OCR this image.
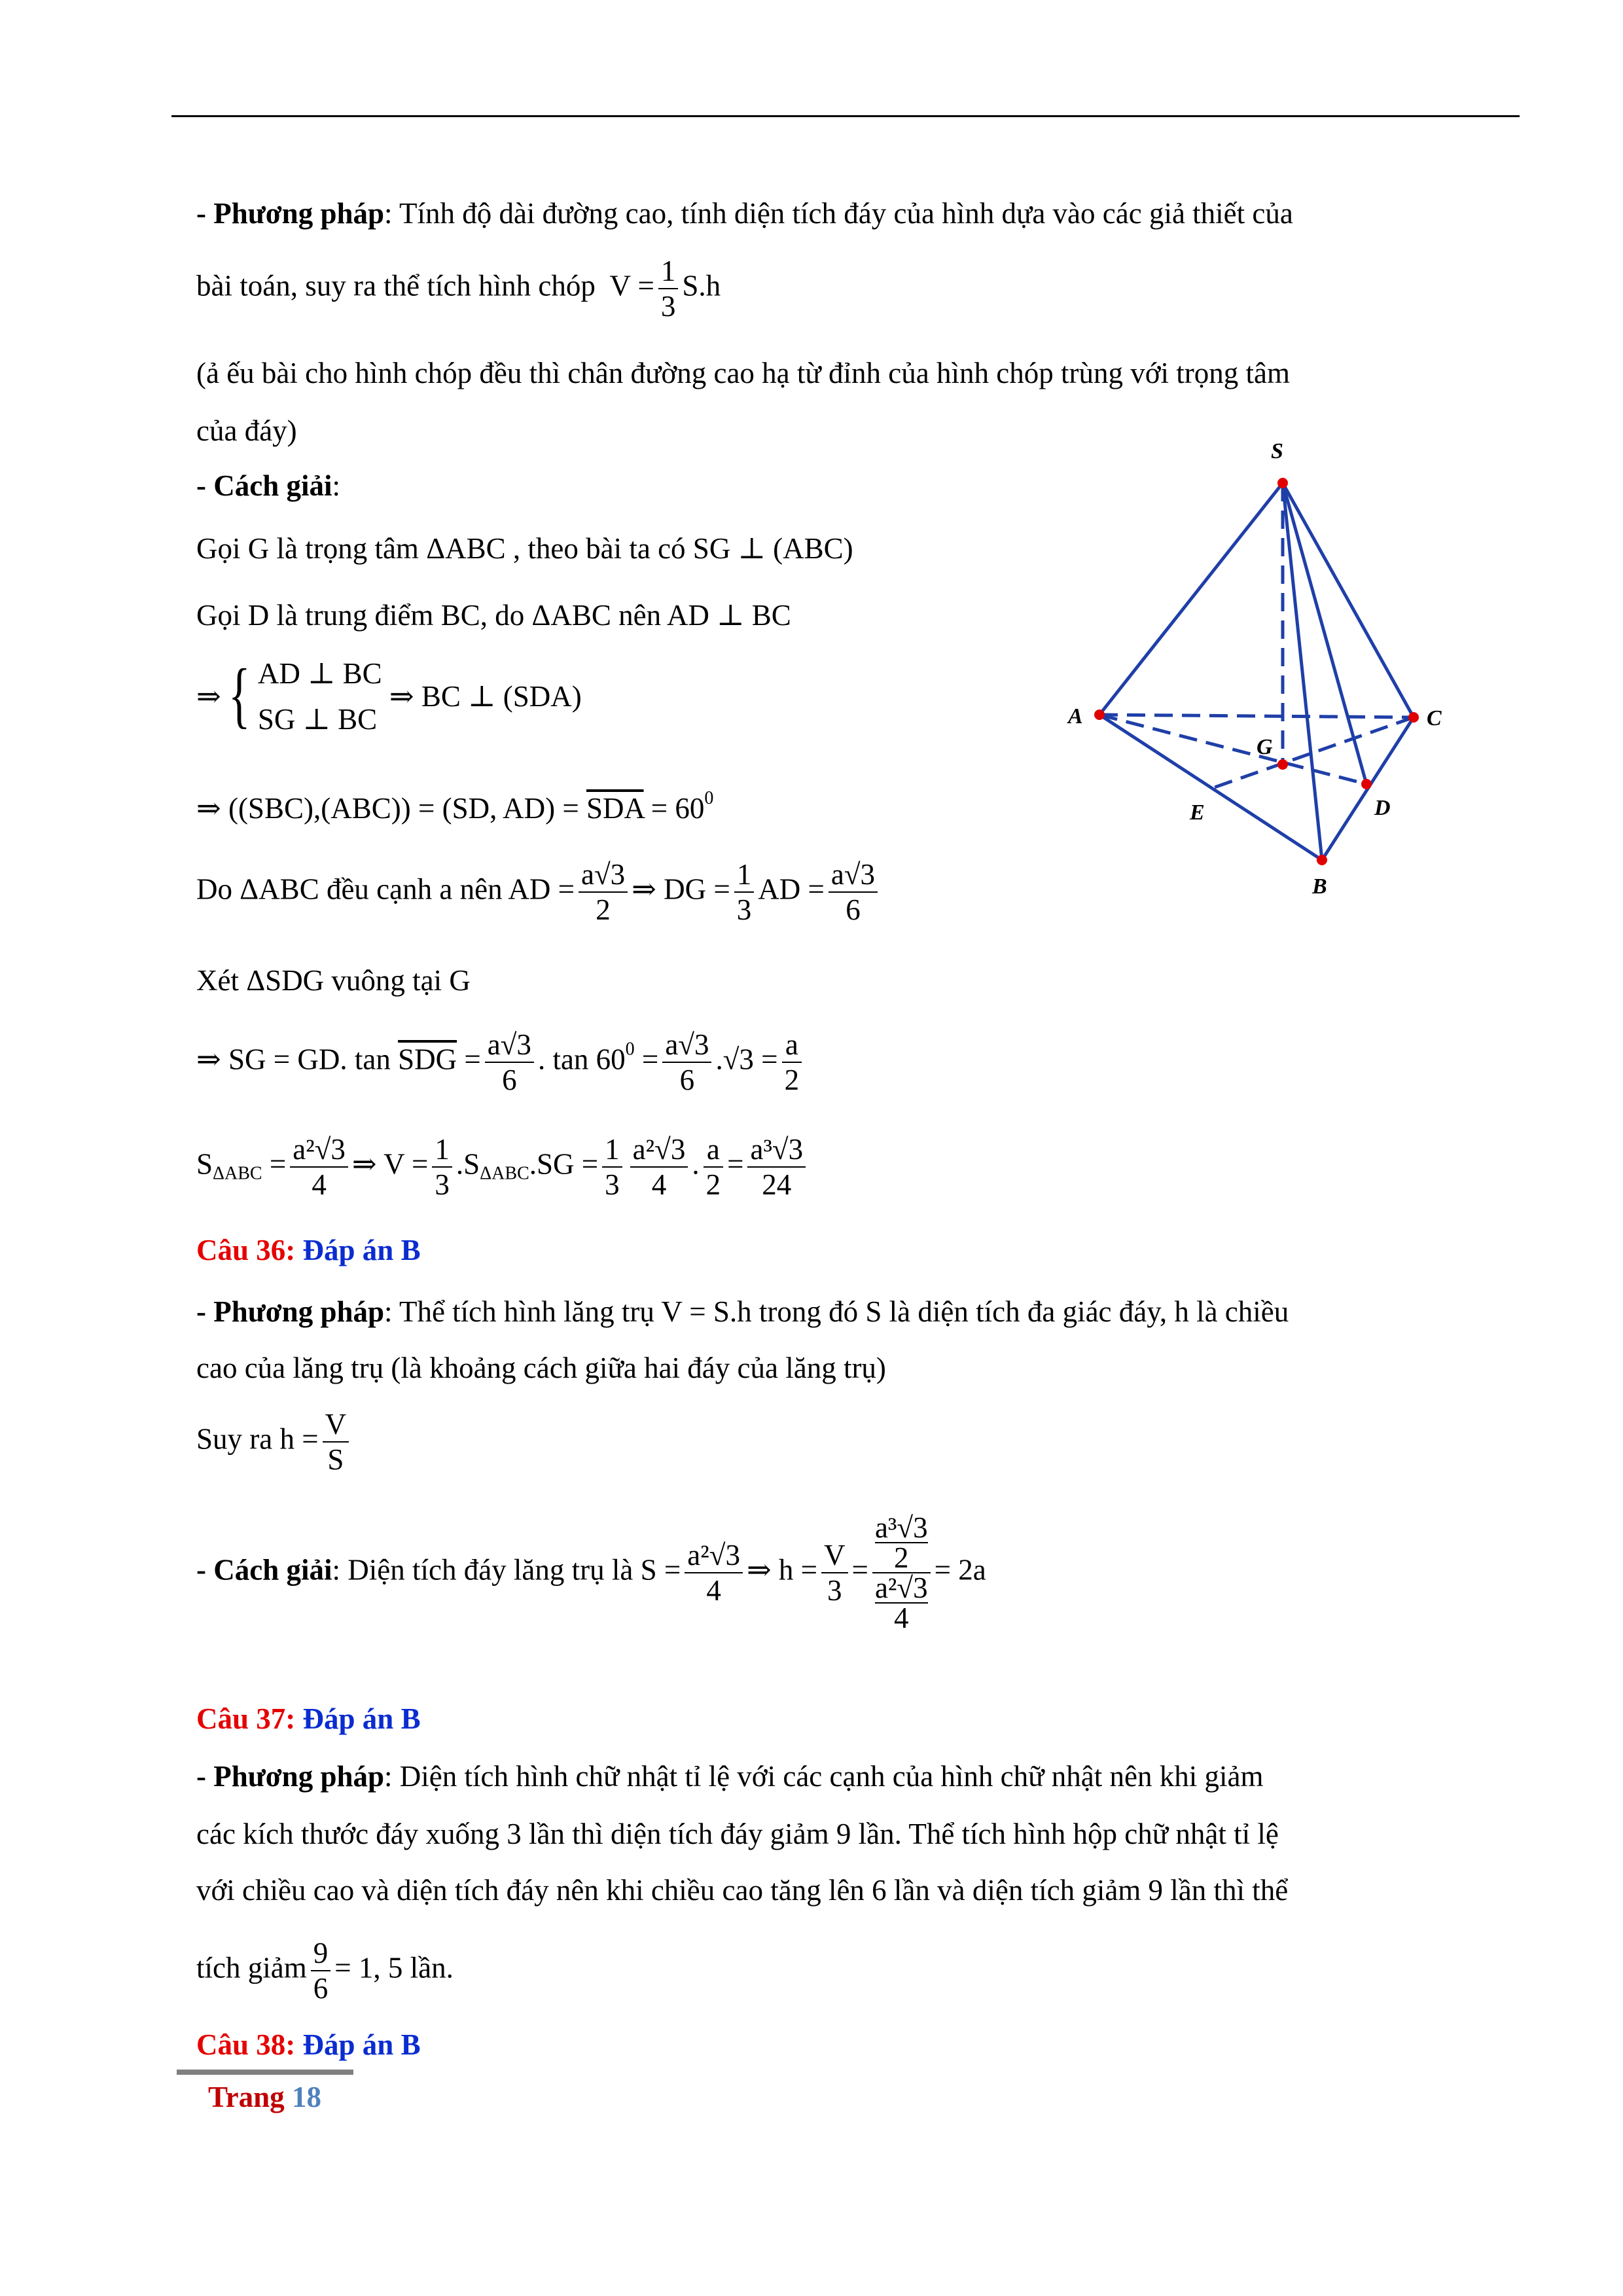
- Phương pháp: Tính độ dài đường cao, tính diện tích đáy của hình dựa vào các giả thiết của
bài toán, suy ra thể tích hình chóp $V = \frac{1}{3} S.h$
(ả ếu bài cho hình chóp đều thì chân đường cao hạ từ đỉnh của hình chóp trùng với trọng tâm
của đáy)
- Cách giải:
Gọi G là trọng tâm ΔABC , theo bài ta có SG ⊥ (ABC)
Gọi D là trung điểm BC, do ΔABC nên AD ⊥ BC
⇒ { AD ⊥ BC
SG ⊥ BC
⇒ BC ⊥ (SDA)
⇒ ((SBC),(ABC)) = (SD, $AD) = \overline{SDA} = 60^0$
Do ΔABC đều cạnh a nên AD = $\frac{a√3}{2}$ ⇒ DG = $\frac{1}{3}$ AD = $\frac{a√3}{6}$
Xét ΔSDG vuông tại G
⇒ SG = GD. $\tan \overline{SDG} = \frac{a√3}{6}$ . $\tan 60^0 = \frac{a√3}{6} .√3 = \frac{a}{2}$
$S_{\Delta ABC} = \frac{\text{a²√3}}{4}$ ⇒ $V = \frac{1}{3} .S_{\Delta ABC}.SG = \frac{1}{3} \frac{\text{a²√3}}{4}$ . $\frac{a}{2} = \frac{\text{a³√3}}{24}$
S
A	C
G
E	D
B
Câu 36: Đáp án B
- Phương pháp: Thể tích hình lăng trụ V = S.h trong đó S là diện tích đa giác đáy, h là chiều
cao của lăng trụ (là khoảng cách giữa hai đáy của lăng trụ)
Suy ra $h = \frac{V}{S}$
- Cách giải: Diện tích đáy lăng trụ là $S = \frac{\text{a²√3}}{4}$ ⇒ $h = \frac{V}{3} = a^3√3$
2
a²√3
4 = 2a
Câu 37: Đáp án B
- Phương pháp: Diện tích hình chữ nhật tỉ lệ với các cạnh của hình chữ nhật nên khi giảm
các kích thước đáy xuống 3 lần thì diện tích đáy giảm 9 lần. Thể tích hình hộp chữ nhật tỉ lệ
với chiều cao và diện tích đáy nên khi chiều cao tăng lên 6 lần và diện tích giảm 9 lần thì thể
tích giảm $\frac{9}{6} = 1$, 5 lần.
Câu 38: Đáp án B
Trang 18
